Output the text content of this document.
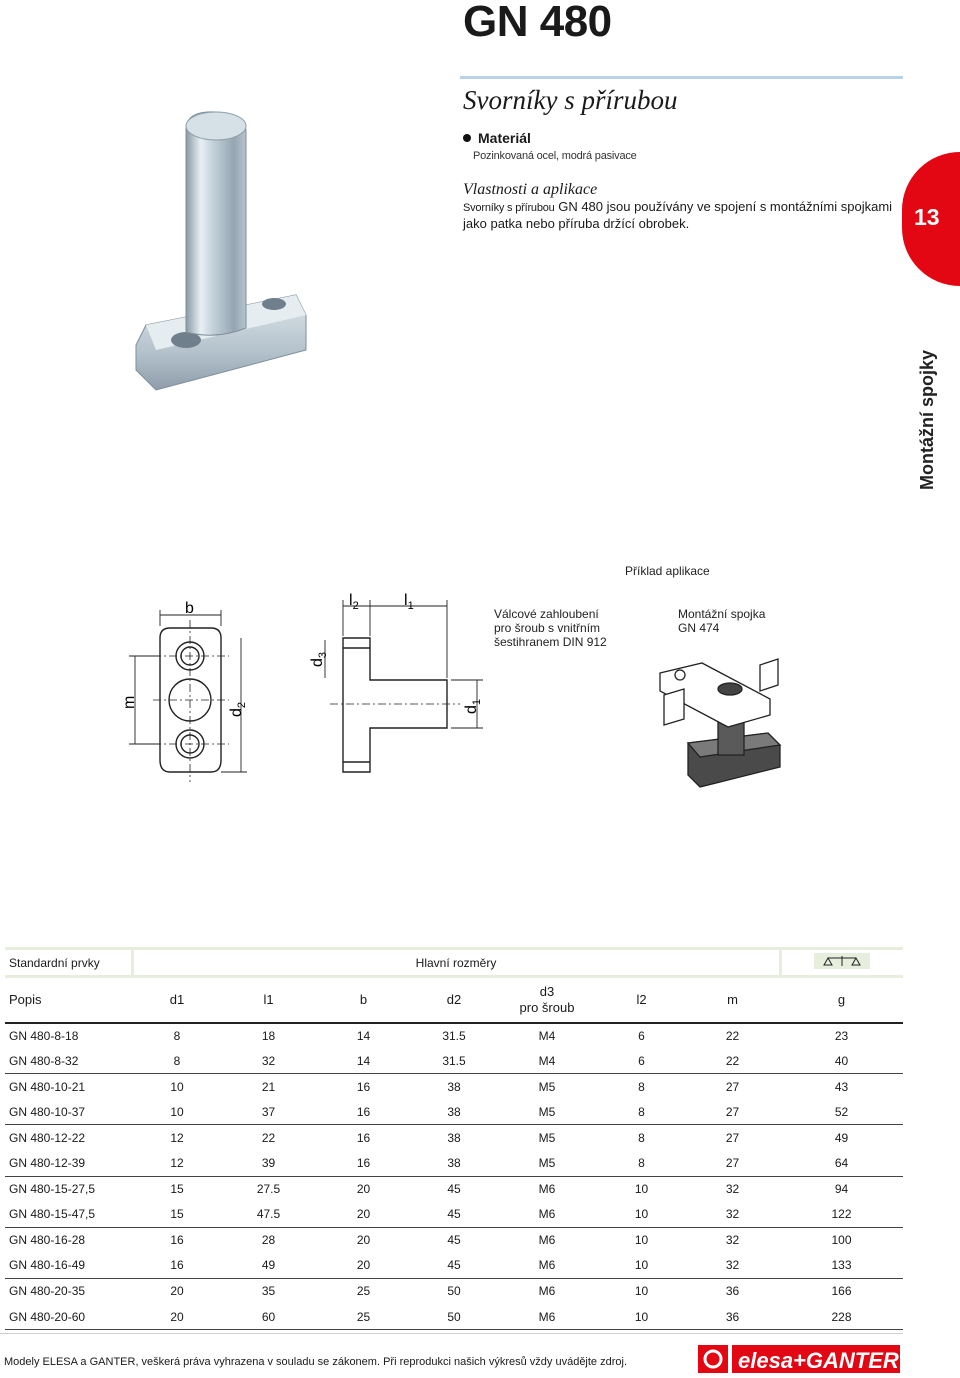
GN 480
Svorníky s přírubou
Materiál
Pozinkovaná ocel, modrá pasivace
Vlastnosti a aplikace
Svorníky s přírubou GN 480 jsou používány ve spojení s montážními spojkami jako patka nebo příruba držící obrobek.	13
Montážní spojky
b
m
$d_2$
$l_2$	$l_1$
$d_3$
$d_1$
Příklad aplikace
Válcové zahloubení
pro šroub s vnitřním
šestihranem DIN 912
Montážní spojka
GN 474
Standardní prvky	Hlavní rozměry	
Popis	d1	l1	b	d2	d3
pro šroub	l2	m	g
GN 480-8-18	8	18	14	31.5	M4	6	22	23
GN 480-8-32	8	32	14	31.5	M4	6	22	40
GN 480-10-21	10	21	16	38	M5	8	27	43
GN 480-10-37	10	37	16	38	M5	8	27	52
GN 480-12-22	12	22	16	38	M5	8	27	49
GN 480-12-39	12	39	16	38	M5	8	27	64
GN 480-15-27,5	15	27.5	20	45	M6	10	32	94
GN 480-15-47,5	15	47.5	20	45	M6	10	32	122
GN 480-16-28	16	28	20	45	M6	10	32	100
GN 480-16-49	16	49	20	45	M6	10	32	133
GN 480-20-35	20	35	25	50	M6	10	36	166
GN 480-20-60	20	60	25	50	M6	10	36	228
Modely ELESA a GANTER, veškerá práva vyhrazena v souladu se zákonem. Při reprodukci našich výkresů vždy uvádějte zdroj.	elesa+GANTER
